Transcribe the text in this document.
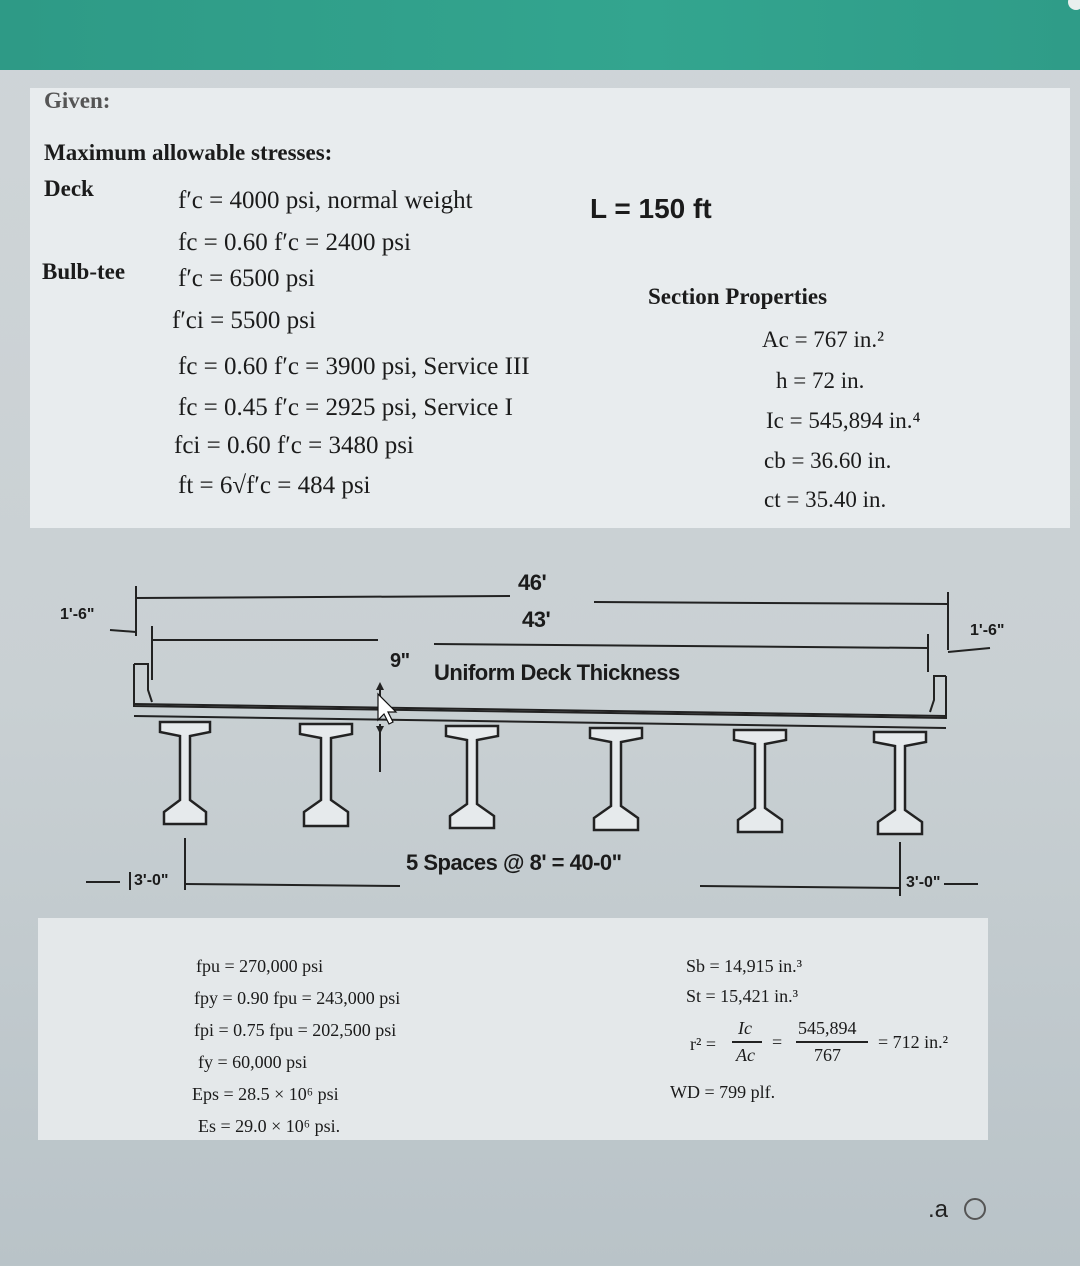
Given:
Maximum allowable stresses:
L = 150 ft
Deck	f′c = 4000 psi, normal weight
fc = 0.60 f′c = 2400 psi
Bulb-tee f′c = 6500 psi
f′ci = 5500 psi
fc = 0.60 f′c = 3900 psi, Service III
fc = 0.45 f′c = 2925 psi, Service I
fci = 0.60 f′c = 3480 psi
ft = 6√f′c = 484 psi
Section Properties
Ac = 767 in.²
h = 72 in.
Ic = 545,894 in.⁴
cb = 36.60 in.
ct = 35.40 in.
46'
43'
1'-6"
1'-6"
9" Uniform Deck Thickness
5 Spaces @ 8' = 40-0"
3'-0"	3'-0"
fpu = 270,000 psi
fpy = 0.90 fpu = 243,000 psi
fpi = 0.75 fpu = 202,500 psi
fy = 60,000 psi
Eps = 28.5 × 10⁶ psi
Es = 29.0 × 10⁶ psi.
Sb = 14,915 in.³
St = 15,421 in.³
r² =
Ic
Ac
=
545,894
767
= 712 in.²
WD = 799 plf.
.a
